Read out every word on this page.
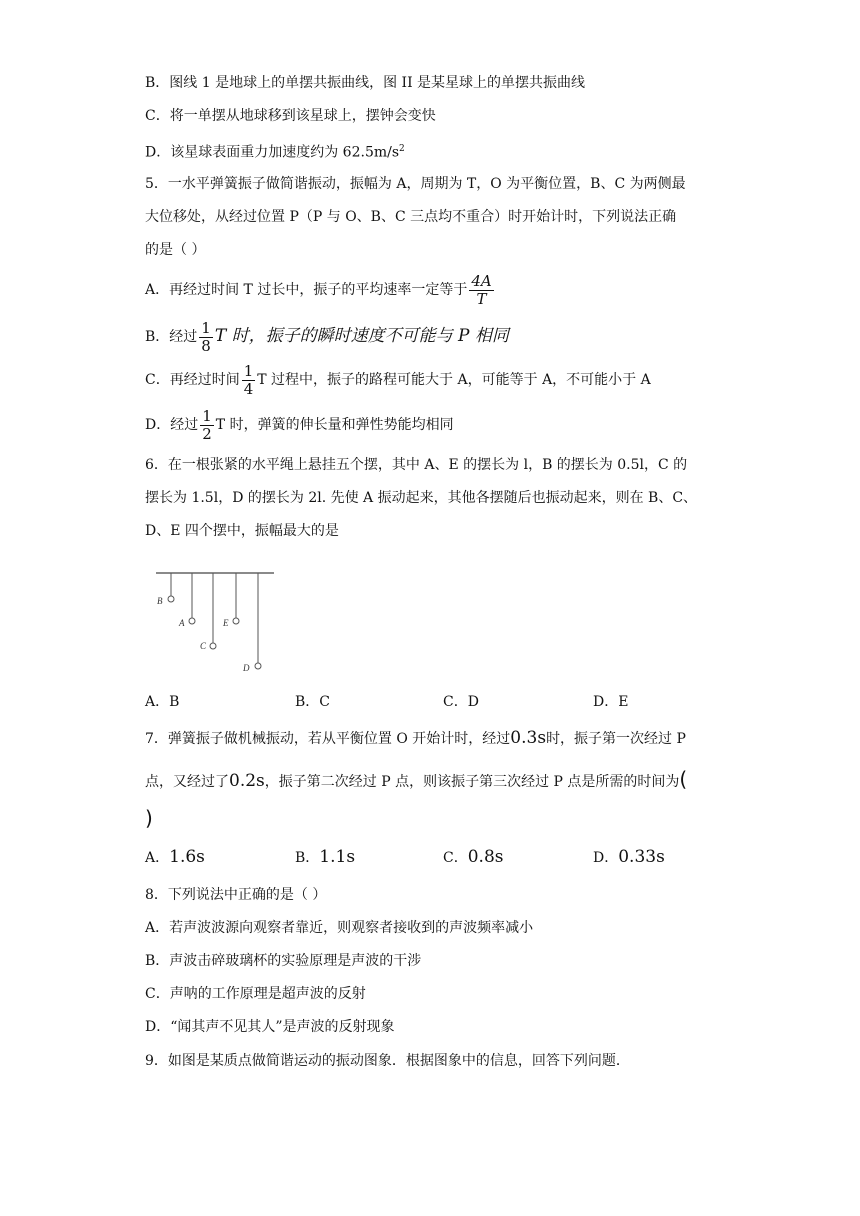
B．图线 1 是地球上的单摆共振曲线，图 II 是某星球上的单摆共振曲线
C．将一单摆从地球移到该星球上，摆钟会变快
D．该星球表面重力加速度约为 $62.5m/s^2$
5．一水平弹簧振子做简谐振动，振幅为 A，周期为 T，O 为平衡位置，B、C 为两侧最
大位移处，从经过位置 P（P 与 O、B、C 三点均不重合）时开始计时，下列说法正确
的是（ ）
A．再经过时间 T 过长中，振子的平均速率一定等于 $\frac{4A}{T}$
B．经过 $\frac{1}{8}$ T 时，振子的瞬时速度不可能与 P 相同
C．再经过时间 $\frac{1}{4}$ T 过程中，振子的路程可能大于 A，可能等于 A，不可能小于 A
D．经过 $\frac{1}{2}$ T 时，弹簧的伸长量和弹性势能均相同
6．在一根张紧的水平绳上悬挂五个摆，其中 A、E 的摆长为 l，B 的摆长为 0.5l，C 的
摆长为 1.5l，D 的摆长为 2l. 先使 A 振动起来，其他各摆随后也振动起来，则在 B、C、
D、E 四个摆中，振幅最大的是
B
A
C
E
D
A．B	B．C	C．D	D．E
7．弹簧振子做机械振动，若从平衡位置 O 开始计时，经过0.3s时，振子第一次经过 P
点，又经过了0.2s，振子第二次经过 P 点，则该振子第三次经过 P 点是所需的时间为(
)
A．1.6s	B．1.1s	C．0.8s	D．0.33s
8．下列说法中正确的是（ ）
A．若声波波源向观察者靠近，则观察者接收到的声波频率减小
B．声波击碎玻璃杯的实验原理是声波的干涉
C．声呐的工作原理是超声波的反射
D．“闻其声不见其人”是声波的反射现象
9．如图是某质点做简谐运动的振动图象．根据图象中的信息，回答下列问题．
